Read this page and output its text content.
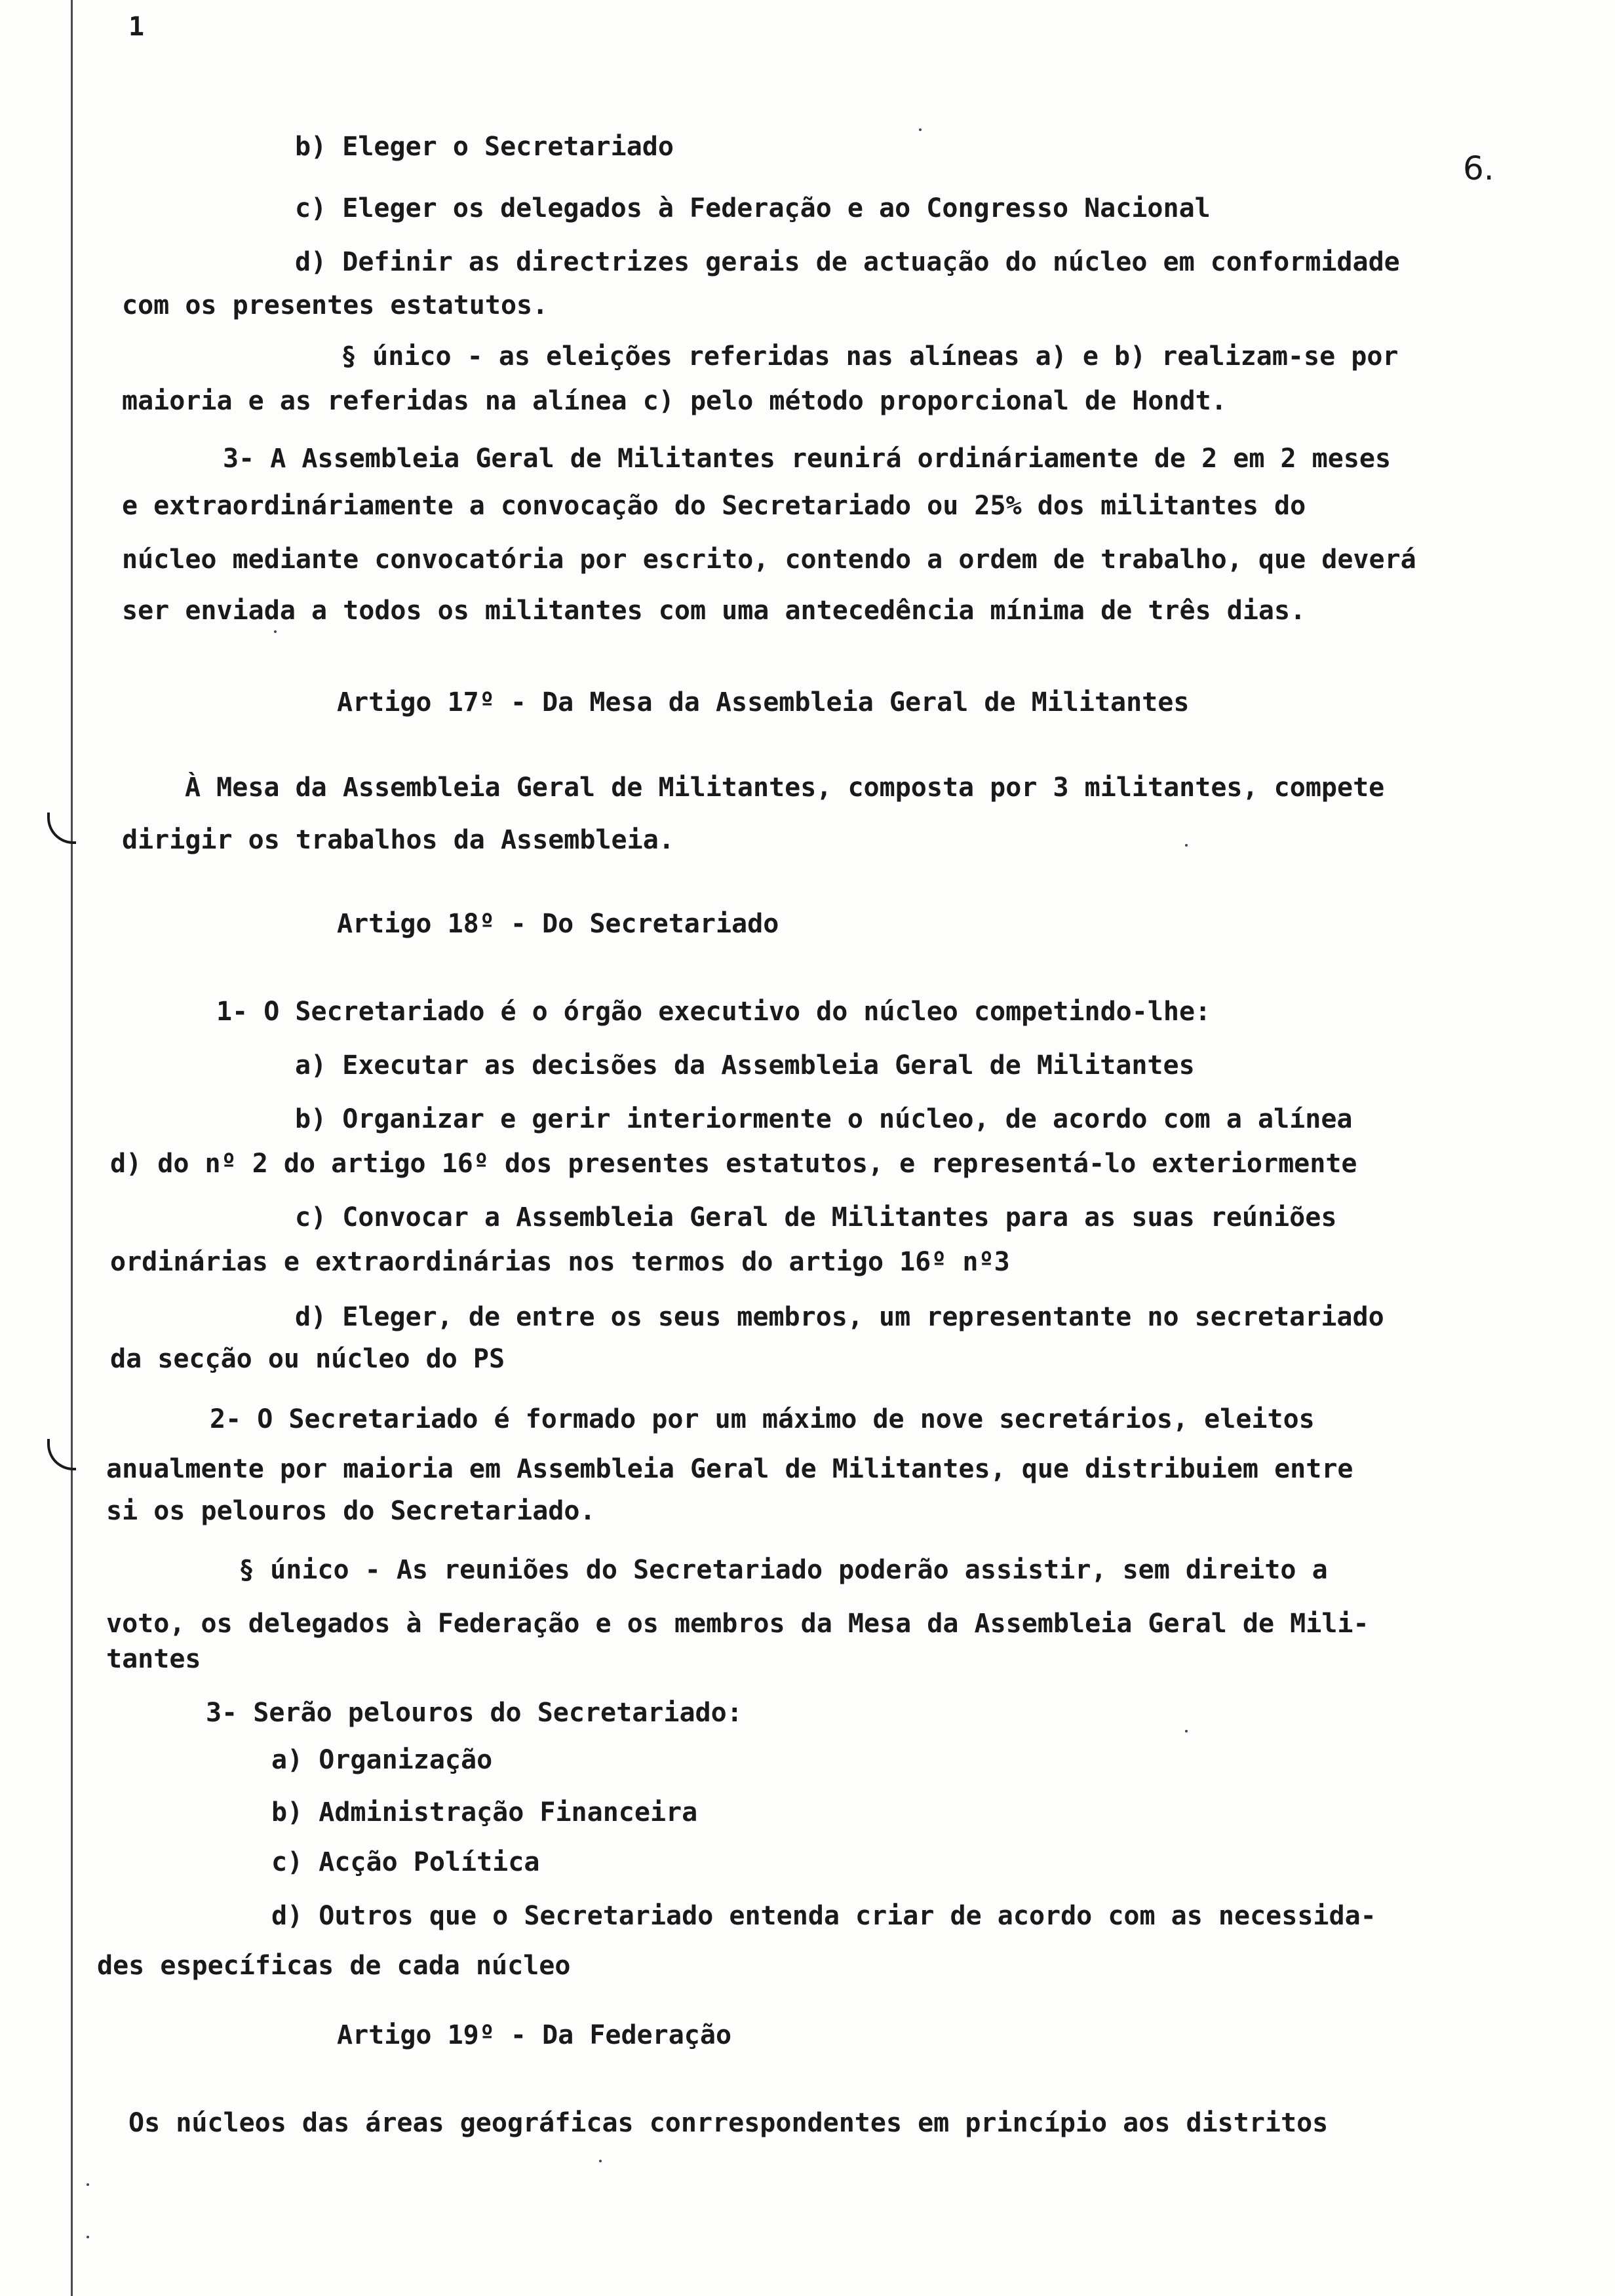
1
6.
b) Eleger o Secretariado
c) Eleger os delegados à Federação e ao Congresso Nacional
d) Definir as directrizes gerais de actuação do núcleo em conformidade
com os presentes estatutos.
§ único - as eleições referidas nas alíneas a) e b) realizam-se por
maioria e as referidas na alínea c) pelo método proporcional de Hondt.
3- A Assembleia Geral de Militantes reunirá ordináriamente de 2 em 2 meses
e extraordináriamente a convocação do Secretariado ou 25% dos militantes do
núcleo mediante convocatória por escrito, contendo a ordem de trabalho, que deverá
ser enviada a todos os militantes com uma antecedência mínima de três dias.
Artigo 17º - Da Mesa da Assembleia Geral de Militantes
À Mesa da Assembleia Geral de Militantes, composta por 3 militantes, compete
dirigir os trabalhos da Assembleia.
Artigo 18º - Do Secretariado
1- O Secretariado é o órgão executivo do núcleo competindo-lhe:
a) Executar as decisões da Assembleia Geral de Militantes
b) Organizar e gerir interiormente o núcleo, de acordo com a alínea
d) do nº 2 do artigo 16º dos presentes estatutos, e representá-lo exteriormente
c) Convocar a Assembleia Geral de Militantes para as suas reúniões
ordinárias e extraordinárias nos termos do artigo 16º nº3
d) Eleger, de entre os seus membros, um representante no secretariado
da secção ou núcleo do PS
2- O Secretariado é formado por um máximo de nove secretários, eleitos
anualmente por maioria em Assembleia Geral de Militantes, que distribuiem entre
si os pelouros do Secretariado.
§ único - As reuniões do Secretariado poderão assistir, sem direito a
voto, os delegados à Federação e os membros da Mesa da Assembleia Geral de Mili-
tantes
3- Serão pelouros do Secretariado:
a) Organização
b) Administração Financeira
c) Acção Política
d) Outros que o Secretariado entenda criar de acordo com as necessida-
des específicas de cada núcleo
Artigo 19º - Da Federação
Os núcleos das áreas geográficas conrrespondentes em princípio aos distritos
